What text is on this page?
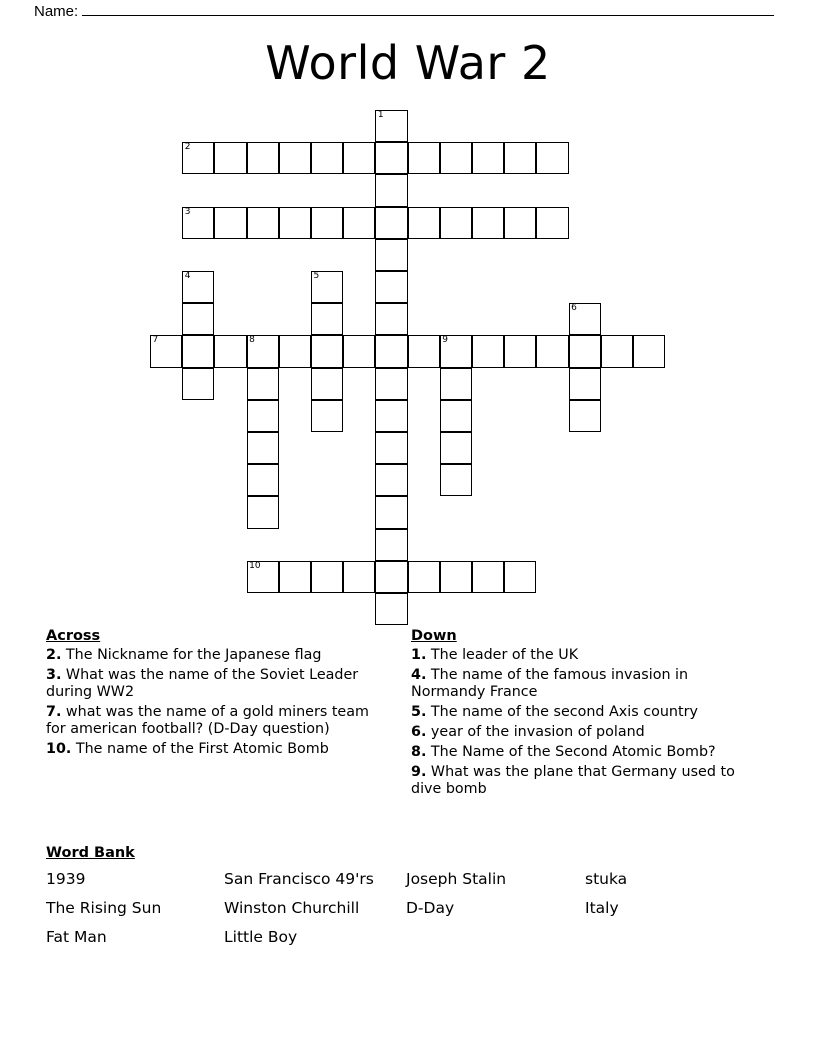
Name:
World War 2
1
2
3
4	5
6
7	8	9
10
Across
2. The Nickname for the Japanese flag
3. What was the name of the Soviet Leader during WW2
7. what was the name of a gold miners team for american football? (D-Day question)
10. The name of the First Atomic Bomb
Down
1. The leader of the UK
4. The name of the famous invasion in Normandy France
5. The name of the second Axis country
6. year of the invasion of poland
8. The Name of the Second Atomic Bomb?
9. What was the plane that Germany used to dive bomb
Word Bank
1939	San Francisco 49'rs	Joseph Stalin	stuka
The Rising Sun	Winston Churchill	D-Day	Italy
Fat Man	Little Boy
